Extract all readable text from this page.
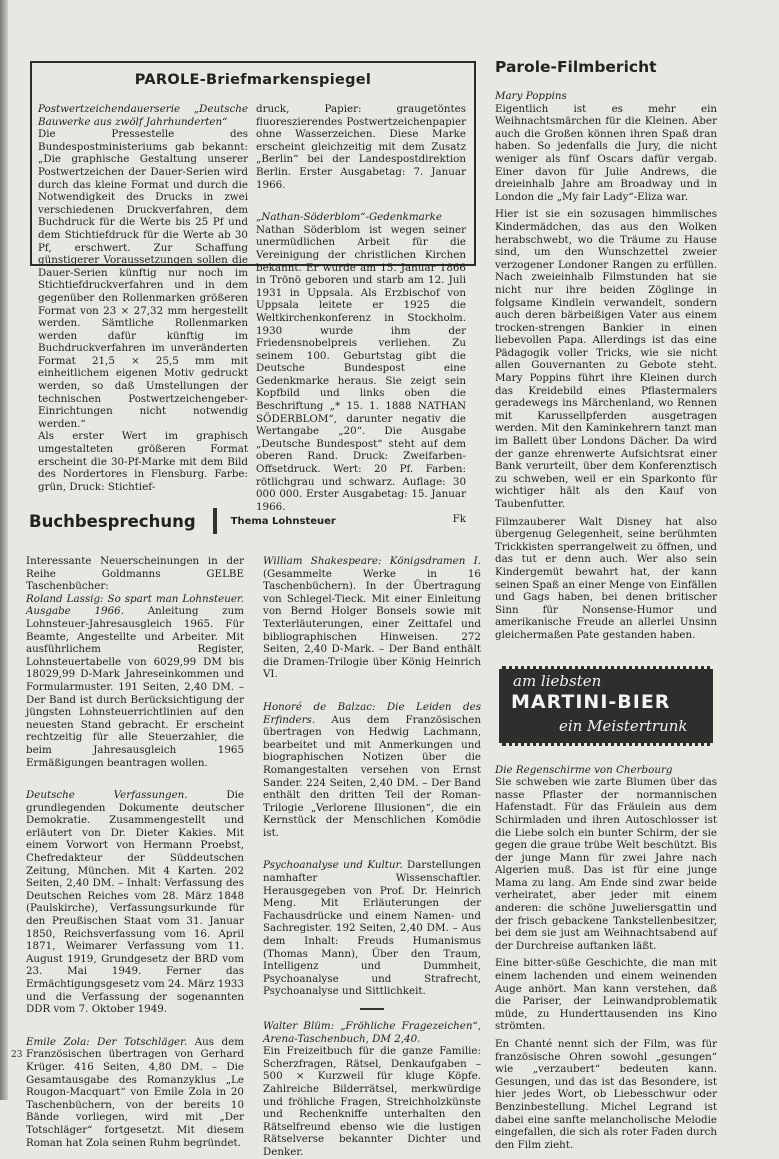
PAROLE-Briefmarkenspiegel

Postwertzeichendauerserie „Deutsche Bauwerke aus zwölf Jahrhunderten“

Die Pressestelle des Bundespostministeriums gab bekannt: „Die graphische Gestaltung unserer Postwertzeichen der Dauer-Serien wird durch das kleine Format und durch die Notwendigkeit des Drucks in zwei verschiedenen Druckverfahren, dem Buchdruck für die Werte bis 25 Pf und dem Stichtiefdruck für die Werte ab 30 Pf, erschwert. Zur Schaffung günstigerer Voraussetzungen sollen die Dauer-Serien künftig nur noch im Stichtiefdruckverfahren und in dem gegenüber den Rollenmarken größeren Format von 23 × 27,32 mm hergestellt werden. Sämtliche Rollenmarken werden dafür künftig im Buchdruckverfahren im unveränderten Format 21,5 × 25,5 mm mit einheitlichem eigenen Motiv gedruckt werden, so daß Umstellungen der technischen Postwertzeichengeber-Einrichtungen nicht notwendig werden.“

Als erster Wert im graphisch umgestalteten größeren Format erscheint die 30-Pf-Marke mit dem Bild des Nordertores in Flensburg. Farbe: grün, Druck: Stichtief-

druck, Papier: graugetöntes fluoreszierendes Postwertzeichenpapier ohne Wasserzeichen. Diese Marke erscheint gleichzeitig mit dem Zusatz „Berlin“ bei der Landespostdirektion Berlin. Erster Ausgabetag: 7. Januar 1966.

„Nathan-Söderblom“-Gedenkmarke

Nathan Söderblom ist wegen seiner unermüdlichen Arbeit für die Vereinigung der christlichen Kirchen bekannt. Er wurde am 15. Januar 1866 in Trönö geboren und starb am 12. Juli 1931 in Uppsala. Als Erzbischof von Uppsala leitete er 1925 die Weltkirchenkonferenz in Stockholm. 1930 wurde ihm der Friedensnobelpreis verliehen. Zu seinem 100. Geburtstag gibt die Deutsche Bundespost eine Gedenkmarke heraus. Sie zeigt sein Kopfbild und links oben die Beschriftung „* 15. 1. 1888 NATHAN SÖDERBLOM“, darunter negativ die Wertangabe „20“. Die Ausgabe „Deutsche Bundespost“ steht auf dem oberen Rand. Druck: Zweifarben-Offsetdruck. Wert: 20 Pf. Farben: rötlichgrau und schwarz. Auflage: 30 000 000. Erster Ausgabetag: 15. Januar 1966.

Fk
Buchbesprechung	Thema Lohnsteuer

Interessante Neuerscheinungen in der Reihe Goldmanns GELBE Taschenbücher:

Roland Lassig: So spart man Lohnsteuer. Ausgabe 1966. Anleitung zum Lohnsteuer-Jahresausgleich 1965. Für Beamte, Angestellte und Arbeiter. Mit ausführlichem Register, Lohnsteuertabelle von 6029,99 DM bis 18029,99 D-Mark Jahreseinkommen und Formularmuster. 191 Seiten, 2,40 DM. – Der Band ist durch Berücksichtigung der jüngsten Lohnsteuerrichtlinien auf den neuesten Stand gebracht. Er erscheint rechtzeitig für alle Steuerzahler, die beim Jahresausgleich 1965 Ermäßigungen beantragen wollen.

Deutsche Verfassungen. Die grundlegenden Dokumente deutscher Demokratie. Zusammengestellt und erläutert von Dr. Dieter Kakies. Mit einem Vorwort von Hermann Proebst, Chefredakteur der Süddeutschen Zeitung, München. Mit 4 Karten. 202 Seiten, 2,40 DM. – Inhalt: Verfassung des Deutschen Reiches vom 28. März 1848 (Paulskirche), Verfassungsurkunde für den Preußischen Staat vom 31. Januar 1850, Reichsverfassung vom 16. April 1871, Weimarer Verfassung vom 11. August 1919, Grundgesetz der BRD vom 23. Mai 1949. Ferner das Ermächtigungsgesetz vom 24. März 1933 und die Verfassung der sogenannten DDR vom 7. Oktober 1949.

Emile Zola: Der Totschläger. Aus dem Französischen übertragen von Gerhard Krüger. 416 Seiten, 4,80 DM. – Die Gesamtausgabe des Romanzyklus „Le Rougon-Macquart“ von Emile Zola in 20 Taschenbüchern, von der bereits 10 Bände vorliegen, wird mit „Der Totschläger“ fortgesetzt. Mit diesem Roman hat Zola seinen Ruhm begründet.

William Shakespeare: Königsdramen I. (Gesammelte Werke in 16 Taschenbüchern). In der Übertragung von Schlegel-Tieck. Mit einer Einleitung von Bernd Holger Bonsels sowie mit Texterläuterungen, einer Zeittafel und bibliographischen Hinweisen. 272 Seiten, 2,40 D-Mark. – Der Band enthält die Dramen-Trilogie über König Heinrich VI.

Honoré de Balzac: Die Leiden des Erfinders. Aus dem Französischen übertragen von Hedwig Lachmann, bearbeitet und mit Anmerkungen und biographischen Notizen über die Romangestalten versehen von Ernst Sander. 224 Seiten, 2,40 DM. – Der Band enthält den dritten Teil der Roman-Trilogie „Verlorene Illusionen“, die ein Kernstück der Menschlichen Komödie ist.

Psychoanalyse und Kultur. Darstellungen namhafter Wissenschaftler. Herausgegeben von Prof. Dr. Heinrich Meng. Mit Erläuterungen der Fachausdrücke und einem Namen- und Sachregister. 192 Seiten, 2,40 DM. – Aus dem Inhalt: Freuds Humanismus (Thomas Mann), Über den Traum, Intelligenz und Dummheit, Psychoanalyse und Strafrecht, Psychoanalyse und Sittlichkeit.

Walter Blüm: „Fröhliche Fragezeichen“, Arena-Taschenbuch, DM 2,40.

Ein Freizeitbuch für die ganze Familie: Scherzfragen, Rätsel, Denkaufgaben – 500 × Kurzweil für kluge Köpfe. Zahlreiche Bilderrätsel, merkwürdige und fröhliche Fragen, Streichholzkünste und Rechenkniffe unterhalten den Rätselfreund ebenso wie die lustigen Rätselverse bekannter Dichter und Denker.

Parole-Filmbericht

Mary Poppins

Eigentlich ist es mehr ein Weihnachtsmärchen für die Kleinen. Aber auch die Großen können ihren Spaß dran haben. So jedenfalls die Jury, die nicht weniger als fünf Oscars dafür vergab. Einer davon für Julie Andrews, die dreieinhalb Jahre am Broadway und in London die „My fair Lady“-Eliza war.

Hier ist sie ein sozusagen himmlisches Kindermädchen, das aus den Wolken herabschwebt, wo die Träume zu Hause sind, um den Wunschzettel zweier verzogener Londoner Rangen zu erfüllen. Nach zweieinhalb Filmstunden hat sie nicht nur ihre beiden Zöglinge in folgsame Kindlein verwandelt, sondern auch deren bärbeißigen Vater aus einem trocken-strengen Bankier in einen liebevollen Papa. Allerdings ist das eine Pädagogik voller Tricks, wie sie nicht allen Gouvernanten zu Gebote steht. Mary Poppins führt ihre Kleinen durch das Kreidebild eines Pflastermalers geradewegs ins Märchenland, wo Rennen mit Karussellpferden ausgetragen werden. Mit den Kaminkehrern tanzt man im Ballett über Londons Dächer. Da wird der ganze ehrenwerte Aufsichtsrat einer Bank verurteilt, über dem Konferenztisch zu schweben, weil er ein Sparkonto für wichtiger hält als den Kauf von Taubenfutter.

Filmzauberer Walt Disney hat also übergenug Gelegenheit, seine berühmten Trickkisten sperrangelweit zu öffnen, und das tut er denn auch. Wer also sein Kindergemüt bewahrt hat, der kann seinen Spaß an einer Menge von Einfällen und Gags haben, bei denen britischer Sinn für Nonsense-Humor und amerikanische Freude an allerlei Unsinn gleichermaßen Pate gestanden haben.

am liebsten
MARTINI-BIER
ein Meistertrunk

Die Regenschirme von Cherbourg

Sie schweben wie zarte Blumen über das nasse Pflaster der normannischen Hafenstadt. Für das Fräulein aus dem Schirmladen und ihren Autoschlosser ist die Liebe solch ein bunter Schirm, der sie gegen die graue trübe Welt beschützt. Bis der junge Mann für zwei Jahre nach Algerien muß. Das ist für eine junge Mama zu lang. Am Ende sind zwar beide verheiratet, aber jeder mit einem anderen: die schöne Juweliersgattin und der frisch gebackene Tankstellenbesitzer, bei dem sie just am Weihnachtsabend auf der Durchreise auftanken läßt.

Eine bitter-süße Geschichte, die man mit einem lachenden und einem weinenden Auge anhört. Man kann verstehen, daß die Pariser, der Leinwandproblematik müde, zu Hunderttausenden ins Kino strömten.

En Chanté nennt sich der Film, was für französische Ohren sowohl „gesungen“ wie „verzaubert“ bedeuten kann. Gesungen, und das ist das Besondere, ist hier jedes Wort, ob Liebesschwur oder Benzinbestellung. Michel Legrand ist dabei eine sanfte melancholische Melodie eingefallen, die sich als roter Faden durch den Film zieht.

23
